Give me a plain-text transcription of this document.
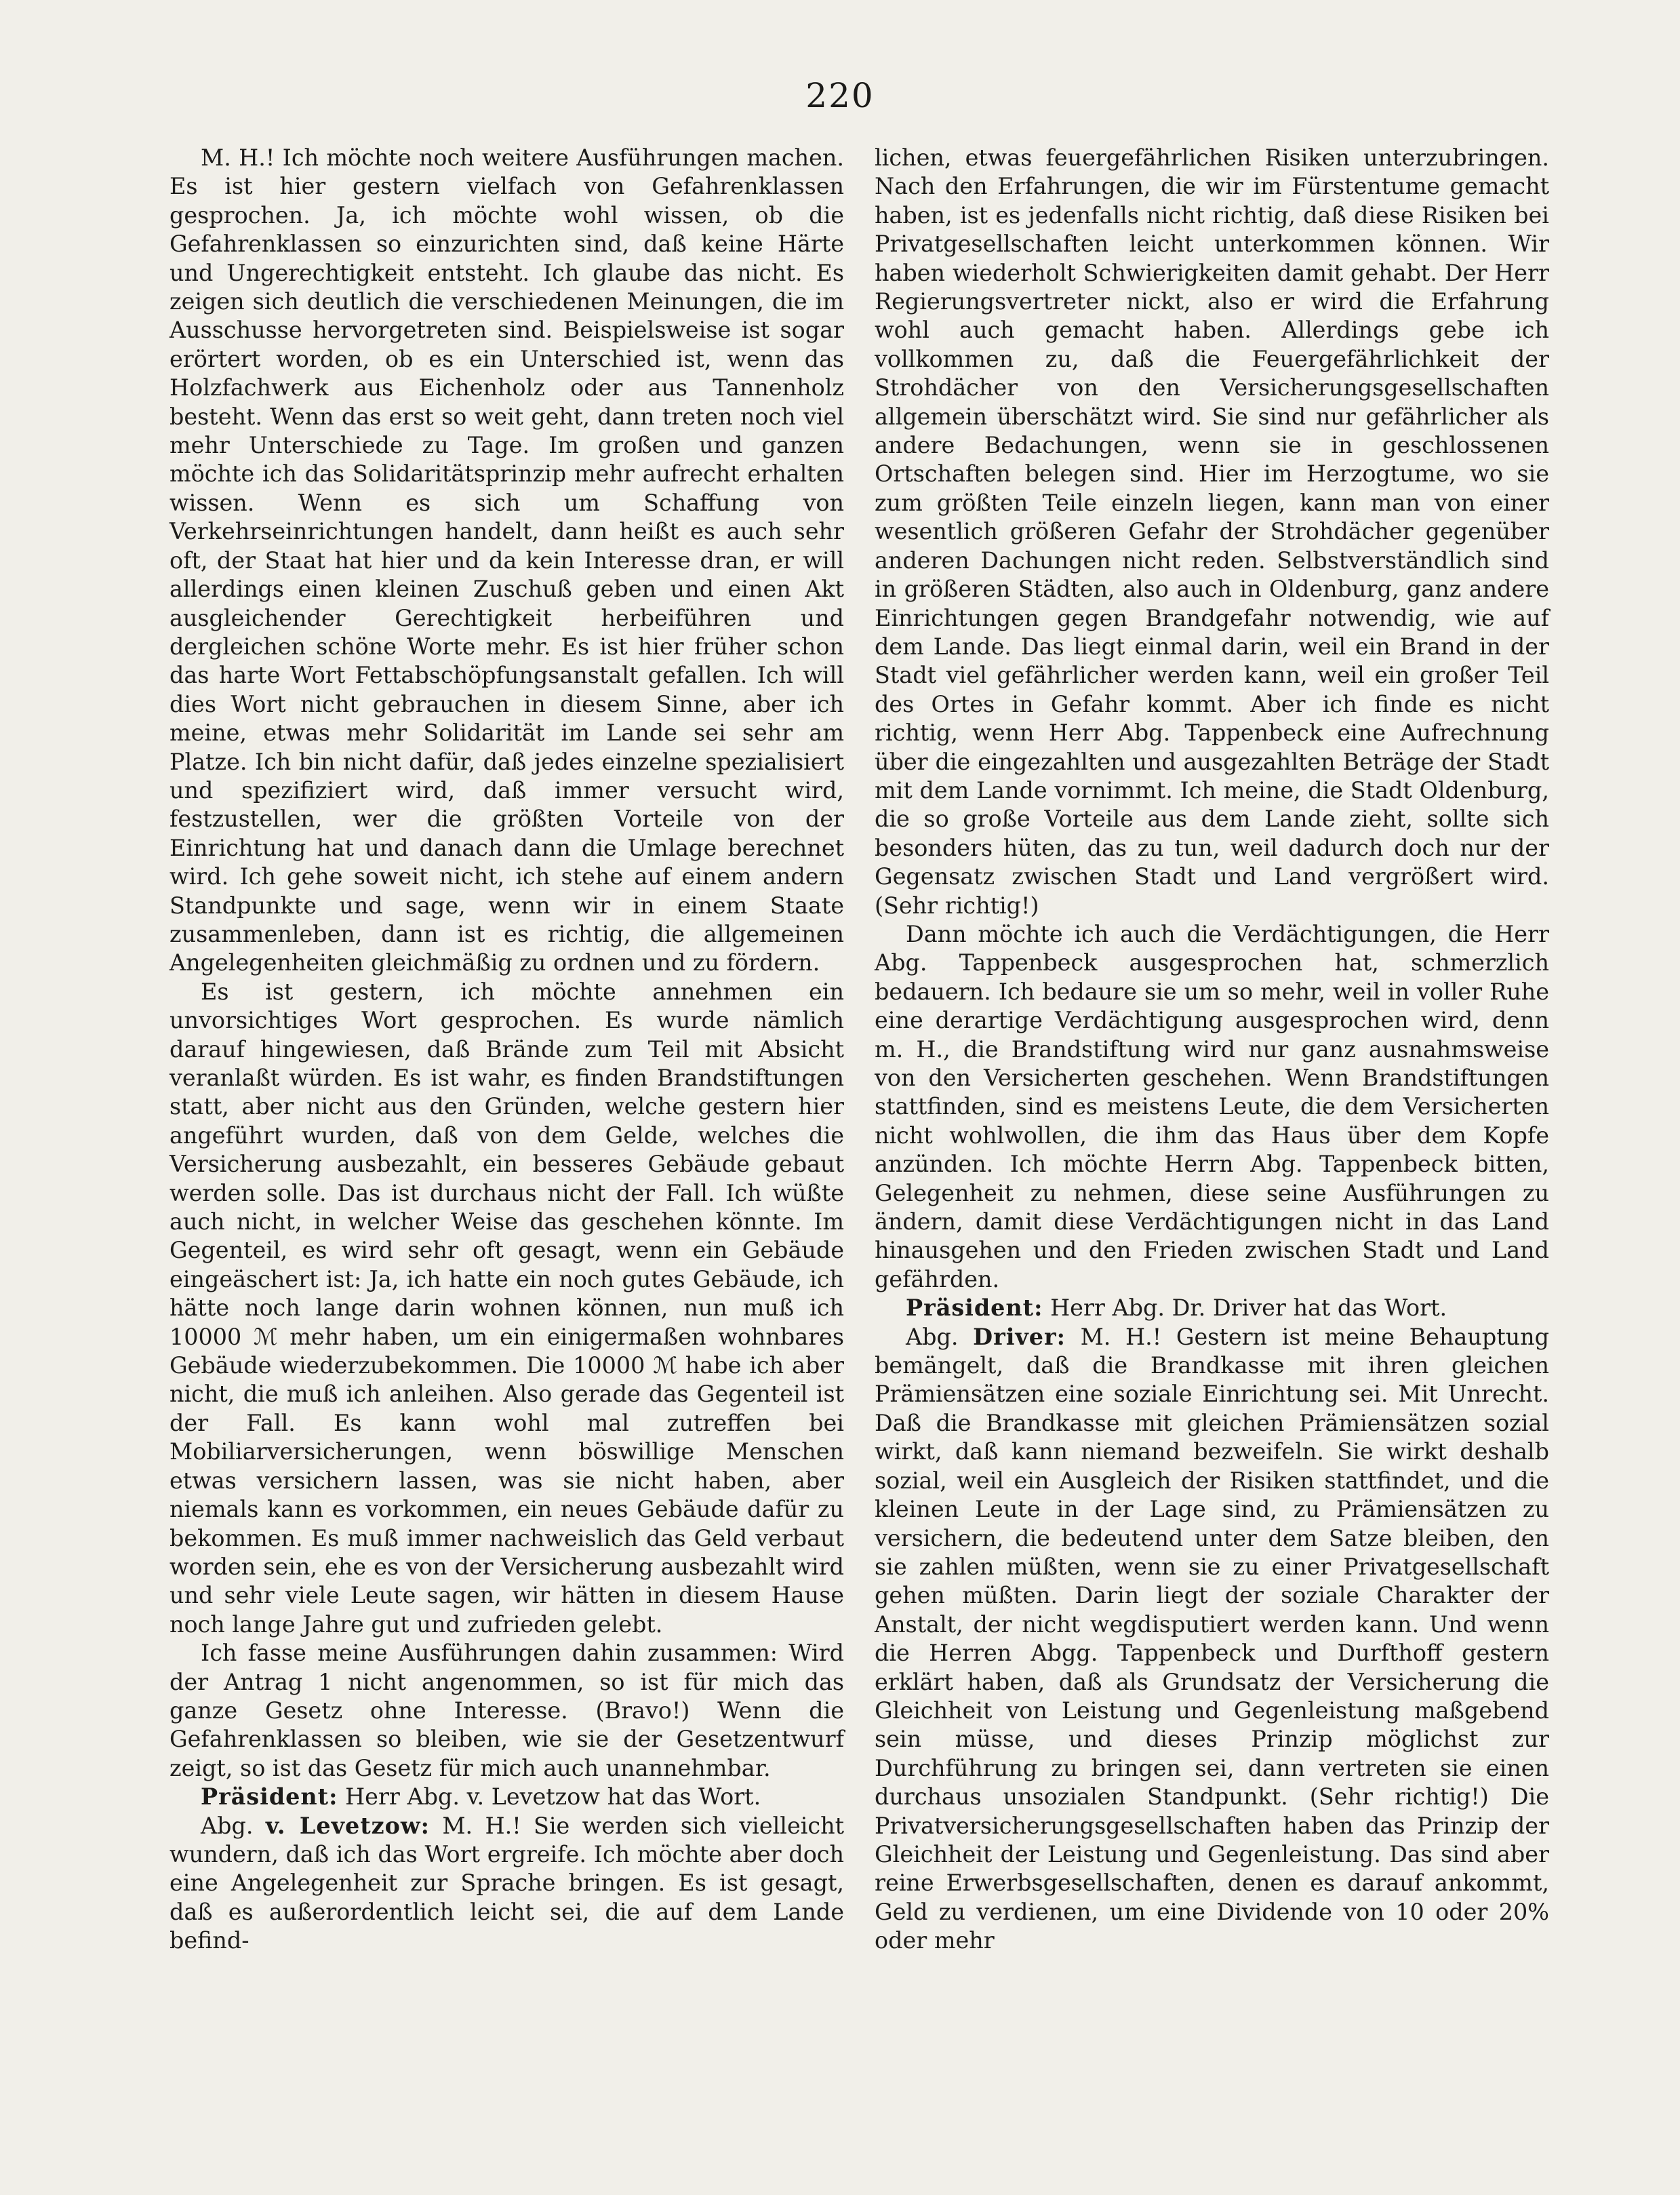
220

M. H.! Ich möchte noch weitere Ausführungen machen. Es ist hier gestern vielfach von Gefahrenklassen gesprochen. Ja, ich möchte wohl wissen, ob die Gefahrenklassen so einzurichten sind, daß keine Härte und Ungerechtigkeit entsteht. Ich glaube das nicht. Es zeigen sich deutlich die verschiedenen Meinungen, die im Ausschusse hervorgetreten sind. Beispielsweise ist sogar erörtert worden, ob es ein Unterschied ist, wenn das Holzfachwerk aus Eichenholz oder aus Tannenholz besteht. Wenn das erst so weit geht, dann treten noch viel mehr Unterschiede zu Tage. Im großen und ganzen möchte ich das Solidaritätsprinzip mehr aufrecht erhalten wissen. Wenn es sich um Schaffung von Verkehrseinrichtungen handelt, dann heißt es auch sehr oft, der Staat hat hier und da kein Interesse dran, er will allerdings einen kleinen Zuschuß geben und einen Akt ausgleichender Gerechtigkeit herbeiführen und dergleichen schöne Worte mehr. Es ist hier früher schon das harte Wort Fettabschöpfungsanstalt gefallen. Ich will dies Wort nicht gebrauchen in diesem Sinne, aber ich meine, etwas mehr Solidarität im Lande sei sehr am Platze. Ich bin nicht dafür, daß jedes einzelne spezialisiert und spezifiziert wird, daß immer versucht wird, festzustellen, wer die größten Vorteile von der Einrichtung hat und danach dann die Umlage berechnet wird. Ich gehe soweit nicht, ich stehe auf einem andern Standpunkte und sage, wenn wir in einem Staate zusammenleben, dann ist es richtig, die allgemeinen Angelegenheiten gleichmäßig zu ordnen und zu fördern.

Es ist gestern, ich möchte annehmen ein unvorsichtiges Wort gesprochen. Es wurde nämlich darauf hingewiesen, daß Brände zum Teil mit Absicht veranlaßt würden. Es ist wahr, es finden Brandstiftungen statt, aber nicht aus den Gründen, welche gestern hier angeführt wurden, daß von dem Gelde, welches die Versicherung ausbezahlt, ein besseres Gebäude gebaut werden solle. Das ist durchaus nicht der Fall. Ich wüßte auch nicht, in welcher Weise das geschehen könnte. Im Gegenteil, es wird sehr oft gesagt, wenn ein Gebäude eingeäschert ist: Ja, ich hatte ein noch gutes Gebäude, ich hätte noch lange darin wohnen können, nun muß ich 10000 ℳ mehr haben, um ein einigermaßen wohnbares Gebäude wiederzubekommen. Die 10000 ℳ habe ich aber nicht, die muß ich anleihen. Also gerade das Gegenteil ist der Fall. Es kann wohl mal zutreffen bei Mobiliarversicherungen, wenn böswillige Menschen etwas versichern lassen, was sie nicht haben, aber niemals kann es vorkommen, ein neues Gebäude dafür zu bekommen. Es muß immer nachweislich das Geld verbaut worden sein, ehe es von der Versicherung ausbezahlt wird und sehr viele Leute sagen, wir hätten in diesem Hause noch lange Jahre gut und zufrieden gelebt.

Ich fasse meine Ausführungen dahin zusammen: Wird der Antrag 1 nicht angenommen, so ist für mich das ganze Gesetz ohne Interesse. (Bravo!) Wenn die Gefahrenklassen so bleiben, wie sie der Gesetzentwurf zeigt, so ist das Gesetz für mich auch unannehmbar.

Präsident: Herr Abg. v. Levetzow hat das Wort.

Abg. v. Levetzow: M. H.! Sie werden sich vielleicht wundern, daß ich das Wort ergreife. Ich möchte aber doch eine Angelegenheit zur Sprache bringen. Es ist gesagt, daß es außerordentlich leicht sei, die auf dem Lande befind-

lichen, etwas feuergefährlichen Risiken unterzubringen. Nach den Erfahrungen, die wir im Fürstentume gemacht haben, ist es jedenfalls nicht richtig, daß diese Risiken bei Privatgesellschaften leicht unterkommen können. Wir haben wiederholt Schwierigkeiten damit gehabt. Der Herr Regierungsvertreter nickt, also er wird die Erfahrung wohl auch gemacht haben. Allerdings gebe ich vollkommen zu, daß die Feuergefährlichkeit der Strohdächer von den Versicherungsgesellschaften allgemein überschätzt wird. Sie sind nur gefährlicher als andere Bedachungen, wenn sie in geschlossenen Ortschaften belegen sind. Hier im Herzogtume, wo sie zum größten Teile einzeln liegen, kann man von einer wesentlich größeren Gefahr der Strohdächer gegenüber anderen Dachungen nicht reden. Selbstverständlich sind in größeren Städten, also auch in Oldenburg, ganz andere Einrichtungen gegen Brandgefahr notwendig, wie auf dem Lande. Das liegt einmal darin, weil ein Brand in der Stadt viel gefährlicher werden kann, weil ein großer Teil des Ortes in Gefahr kommt. Aber ich finde es nicht richtig, wenn Herr Abg. Tappenbeck eine Aufrechnung über die eingezahlten und ausgezahlten Beträge der Stadt mit dem Lande vornimmt. Ich meine, die Stadt Oldenburg, die so große Vorteile aus dem Lande zieht, sollte sich besonders hüten, das zu tun, weil dadurch doch nur der Gegensatz zwischen Stadt und Land vergrößert wird. (Sehr richtig!)

Dann möchte ich auch die Verdächtigungen, die Herr Abg. Tappenbeck ausgesprochen hat, schmerzlich bedauern. Ich bedaure sie um so mehr, weil in voller Ruhe eine derartige Verdächtigung ausgesprochen wird, denn m. H., die Brandstiftung wird nur ganz ausnahmsweise von den Versicherten geschehen. Wenn Brandstiftungen stattfinden, sind es meistens Leute, die dem Versicherten nicht wohlwollen, die ihm das Haus über dem Kopfe anzünden. Ich möchte Herrn Abg. Tappenbeck bitten, Gelegenheit zu nehmen, diese seine Ausführungen zu ändern, damit diese Verdächtigungen nicht in das Land hinausgehen und den Frieden zwischen Stadt und Land gefährden.

Präsident: Herr Abg. Dr. Driver hat das Wort.

Abg. Driver: M. H.! Gestern ist meine Behauptung bemängelt, daß die Brandkasse mit ihren gleichen Prämiensätzen eine soziale Einrichtung sei. Mit Unrecht. Daß die Brandkasse mit gleichen Prämiensätzen sozial wirkt, daß kann niemand bezweifeln. Sie wirkt deshalb sozial, weil ein Ausgleich der Risiken stattfindet, und die kleinen Leute in der Lage sind, zu Prämiensätzen zu versichern, die bedeutend unter dem Satze bleiben, den sie zahlen müßten, wenn sie zu einer Privatgesellschaft gehen müßten. Darin liegt der soziale Charakter der Anstalt, der nicht wegdisputiert werden kann. Und wenn die Herren Abgg. Tappenbeck und Durfthoff gestern erklärt haben, daß als Grundsatz der Versicherung die Gleichheit von Leistung und Gegenleistung maßgebend sein müsse, und dieses Prinzip möglichst zur Durchführung zu bringen sei, dann vertreten sie einen durchaus unsozialen Standpunkt. (Sehr richtig!) Die Privatversicherungsgesellschaften haben das Prinzip der Gleichheit der Leistung und Gegenleistung. Das sind aber reine Erwerbsgesellschaften, denen es darauf ankommt, Geld zu verdienen, um eine Dividende von 10 oder 20% oder mehr
